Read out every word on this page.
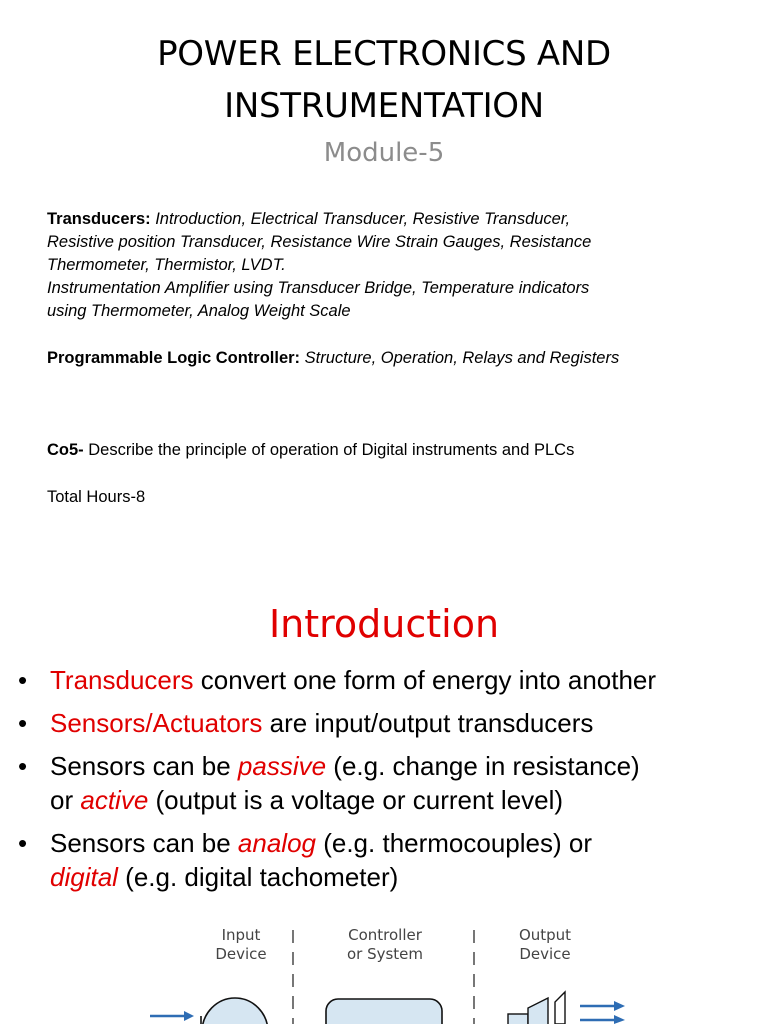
POWER ELECTRONICS AND
INSTRUMENTATION
Module-5
Transducers: Introduction, Electrical Transducer, Resistive Transducer,
Resistive position Transducer, Resistance Wire Strain Gauges, Resistance
Thermometer, Thermistor, LVDT.
Instrumentation Amplifier using Transducer Bridge, Temperature indicators
using Thermometer, Analog Weight Scale
Programmable Logic Controller: Structure, Operation, Relays and Registers
Co5- Describe the principle of operation of Digital instruments and PLCs
Total Hours-8
Introduction
• Transducers convert one form of energy into another
• Sensors/Actuators are input/output transducers
• Sensors can be passive (e.g. change in resistance)
or active (output is a voltage or current level)
• Sensors can be analog (e.g. thermocouples) or
digital (e.g. digital tachometer)
Input
Device
Controller
or System
Output
Device
